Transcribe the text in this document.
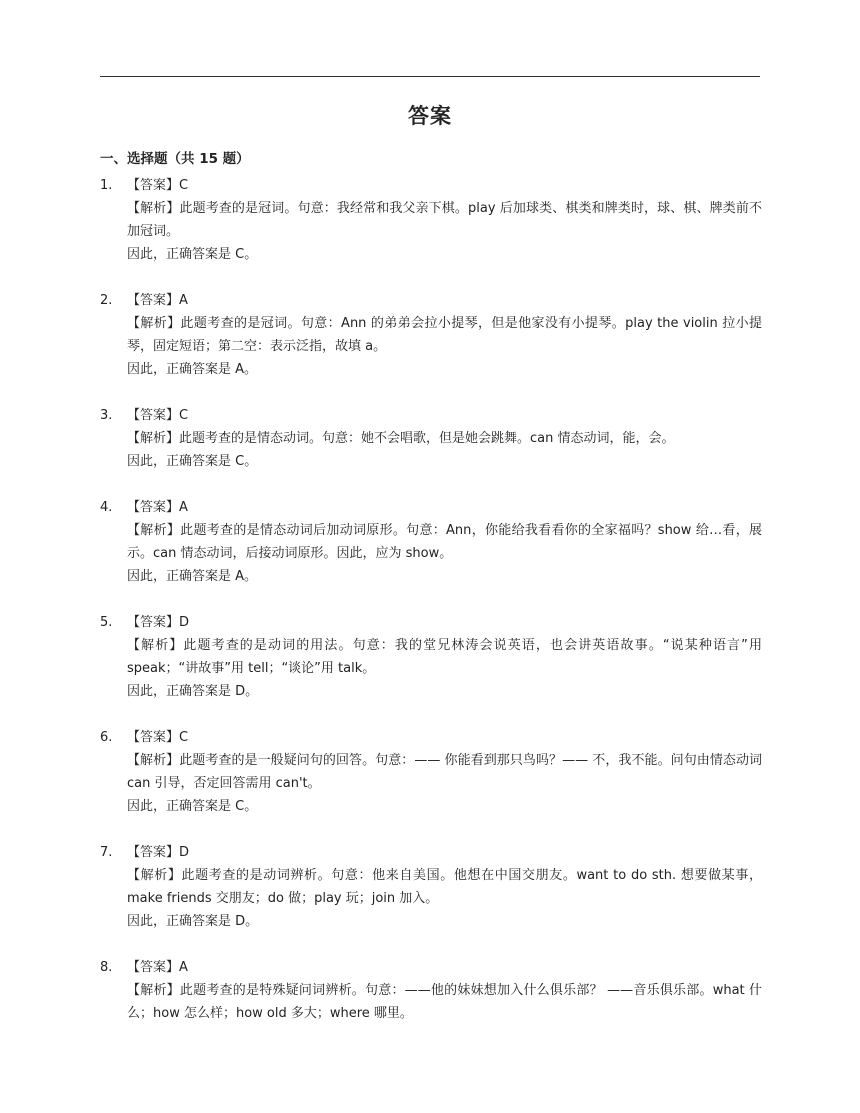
答案
一、选择题（共 15 题）
1. 【答案】C
【解析】此题考查的是冠词。句意：我经常和我父亲下棋。play 后加球类、棋类和牌类时，球、棋、牌类前不加冠词。
因此，正确答案是 C。
2. 【答案】A
【解析】此题考查的是冠词。句意：Ann 的弟弟会拉小提琴，但是他家没有小提琴。play the violin 拉小提琴，固定短语；第二空：表示泛指，故填 a。
因此，正确答案是 A。
3. 【答案】C
【解析】此题考查的是情态动词。句意：她不会唱歌，但是她会跳舞。can 情态动词，能，会。
因此，正确答案是 C。
4. 【答案】A
【解析】此题考查的是情态动词后加动词原形。句意：Ann，你能给我看看你的全家福吗？show 给…看，展示。can 情态动词，后接动词原形。因此，应为 show。
因此，正确答案是 A。
5. 【答案】D
【解析】此题考查的是动词的用法。句意：我的堂兄林涛会说英语，也会讲英语故事。“说某种语言”用 speak；“讲故事”用 tell；“谈论”用 talk。
因此，正确答案是 D。
6. 【答案】C
【解析】此题考查的是一般疑问句的回答。句意：—— 你能看到那只鸟吗？—— 不，我不能。问句由情态动词 can 引导，否定回答需用 can't。
因此，正确答案是 C。
7. 【答案】D
【解析】此题考查的是动词辨析。句意：他来自美国。他想在中国交朋友。want to do sth. 想要做某事，make friends 交朋友；do 做；play 玩；join 加入。
因此，正确答案是 D。
8. 【答案】A
【解析】此题考查的是特殊疑问词辨析。句意：——他的妹妹想加入什么俱乐部？ ——音乐俱乐部。what 什么；how 怎么样；how old 多大；where 哪里。
